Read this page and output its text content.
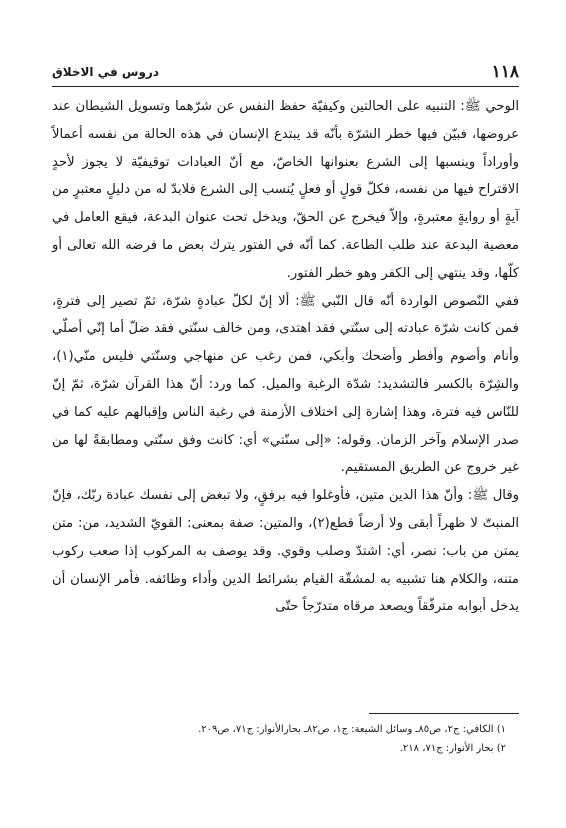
١١٨
دروس في الاخلاق

الوحي ﷺ: التنبيه على الحالتين وكيفيّة حفظ النفس عن شرّهما وتسويل الشيطان عند عروضها، فبيّن فيها خطر الشرّة بأنّه قد يبتدع الإنسان في هذه الحالة من نفسه أعمالاً وأوراداً وينسبها إلى الشرع بعنوانها الخاصّ، مع أنّ العبادات توقيفيّة لا يجوز لأحدٍ الاقتراح فيها من نفسه، فكلّ قولٍ أو فعلٍ يُنسب إلى الشرع فلابدّ له من دليلٍ معتبرٍ من آيةٍ أو روايةٍ معتبرةٍ، وإلاّ فيخرج عن الحقّ، ويدخل تحت عنوان البدعة، فيقع العامل في معصية البدعة عند طلب الطاعة. كما أنّه في الفتور يترك بعض ما فرضه الله تعالى أو كلّها، وقد ينتهي إلى الكفر وهو خطر الفتور.

ففي النّصوص الواردة أنّه قال النّبي ﷺ: ألا إنّ لكلّ عبادةٍ شرّة، ثمّ تصير إلى فترةٍ، فمن كانت شرّة عبادته إلى سنّتي فقد اهتدى، ومن خالف سنّتي فقد ضلّ أما إنّي أصلّي وأنام وأصوم وأفطر وأضحك وأبكي، فمن رغب عن منهاجي وسنّتي فليس منّي(١)، والشِرّة بالكسر فالتشديد: شدّة الرغبة والميل. كما ورد: أنّ هذا القرآن شرّة، ثمّ إنّ للنّاس فيه فترة، وهذا إشارة إلى اختلاف الأزمنة في رغبة الناس وإقبالهم عليه كما في صدر الإسلام وآخر الزمان. وقوله: «إلى سنّتي» أي: كانت وفق سنّتي ومطابقةً لها من غير خروج عن الطريق المستقيم.

وقال ﷺ: وأنّ هذا الدين متين، فأوغلوا فيه برفقٍ، ولا تبغض إلى نفسك عبادة ربّك، فإنّ المنبتّ لا ظهراً أبقى ولا أرضاً قطع(٢)، والمتين: صفة بمعنى: القويّ الشديد، من: متن يمتن من باب: نصر، أي: اشتدّ وصلب وقوي. وقد يوصف به المركوب إذا صعب ركوب متنه، والكلام هنا تشبيه به لمشقّة القيام بشرائط الدين وأداء وظائفه. فأمر الإنسان أن يدخل أبوابه مترفّقاً ويصعد مرقاه متدرّجاً حتّى

١) الكافي: ج٢، ص٨٥ـ وسائل الشيعة: ج١، ص٨٢ـ بحارالأنوار: ج٧١، ص٢٠٩.
٢) بحار الأنوار: ج٧١، ٢١٨.
